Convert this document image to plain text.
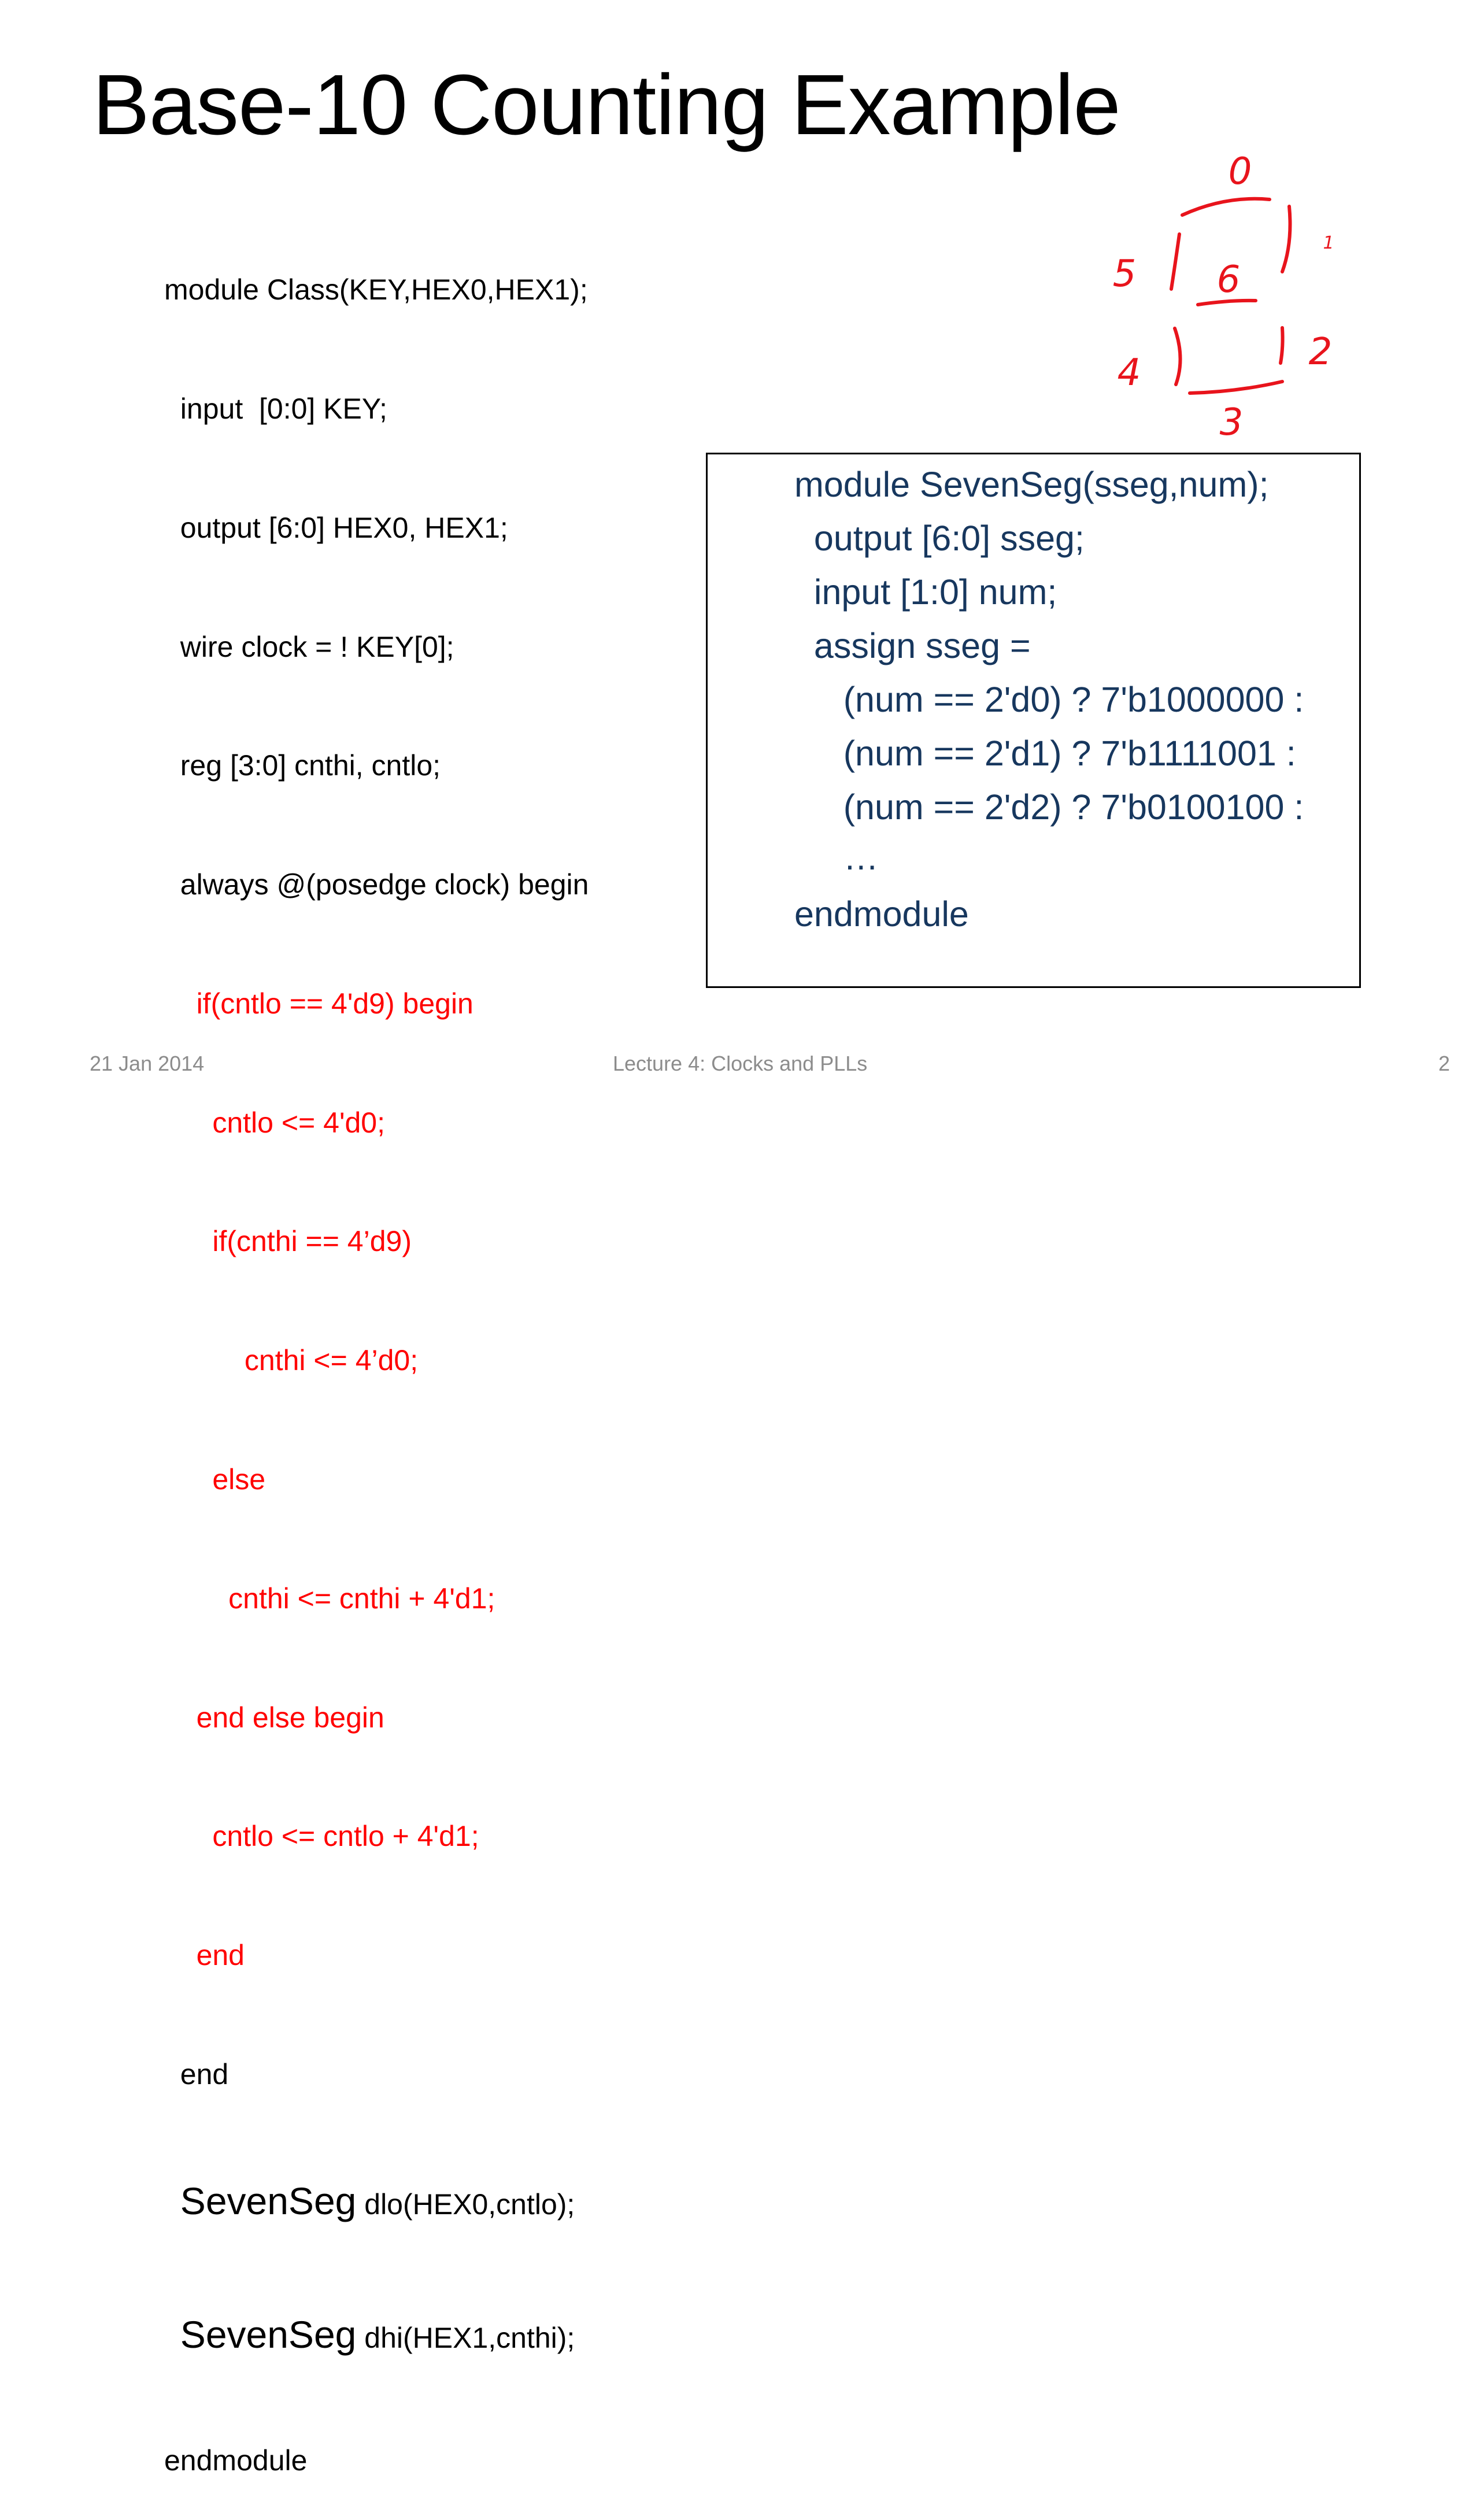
Base-10 Counting Example

module Class(KEY,HEX0,HEX1);

input  [0:0] KEY;

output [6:0] HEX0, HEX1;

wire clock = ! KEY[0];

reg [3:0] cnthi, cntlo;

always @(posedge clock) begin

if(cntlo == 4'd9) begin

cntlo <= 4'd0;

if(cnthi == 4’d9)

cnthi <= 4’d0;

else

cnthi <= cnthi + 4'd1;

end else begin

cntlo <= cntlo + 4'd1;

end

end

SevenSeg dlo(HEX0,cntlo);

SevenSeg dhi(HEX1,cnthi);

endmodule

module SevenSeg(sseg,num);
output [6:0] sseg;
input [1:0] num;
assign sseg =
(num == 2'd0) ? 7'b1000000 :
(num == 2'd1) ? 7'b1111001 :
(num == 2'd2) ? 7'b0100100 :
…
endmodule
0
1
2
3
4
5 6
21 Jan 2014	Lecture 4: Clocks and PLLs	2
